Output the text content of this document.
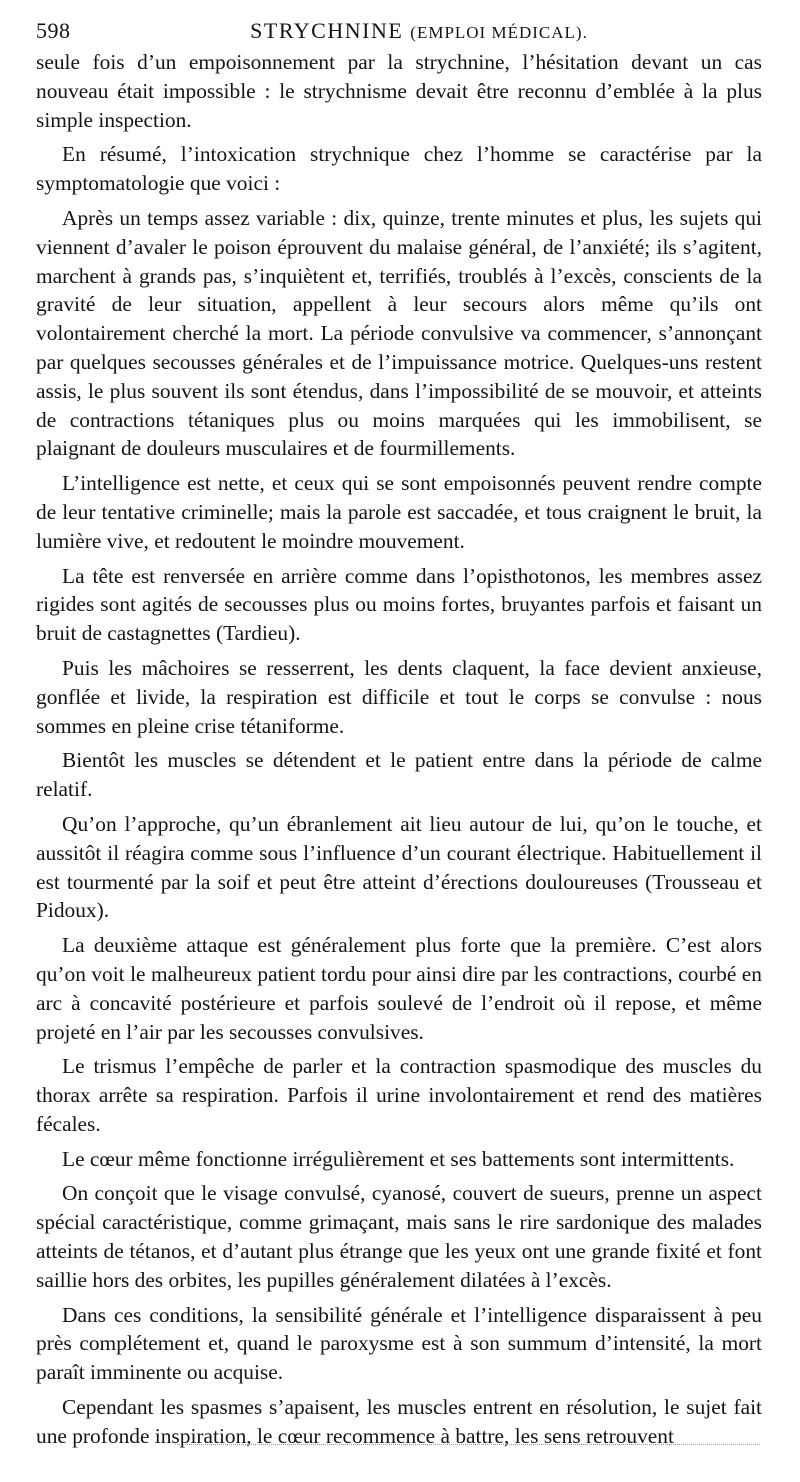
598	STRYCHNINE (EMPLOI MÉDICAL).

seule fois d’un empoisonnement par la strychnine, l’hésitation devant un cas nouveau était impossible : le strychnisme devait être reconnu d’emblée à la plus simple inspection.

En résumé, l’intoxication strychnique chez l’homme se caractérise par la symptomatologie que voici :

Après un temps assez variable : dix, quinze, trente minutes et plus, les sujets qui viennent d’avaler le poison éprouvent du malaise général, de l’anxiété; ils s’agitent, marchent à grands pas, s’inquiètent et, terrifiés, troublés à l’excès, conscients de la gravité de leur situation, appellent à leur secours alors même qu’ils ont volontairement cherché la mort. La période convulsive va commencer, s’annonçant par quelques secousses générales et de l’impuissance motrice. Quelques-uns restent assis, le plus souvent ils sont étendus, dans l’impossibilité de se mouvoir, et atteints de contractions tétaniques plus ou moins marquées qui les immobilisent, se plaignant de douleurs musculaires et de fourmillements.

L’intelligence est nette, et ceux qui se sont empoisonnés peuvent rendre compte de leur tentative criminelle; mais la parole est saccadée, et tous craignent le bruit, la lumière vive, et redoutent le moindre mouvement.

La tête est renversée en arrière comme dans l’opisthotonos, les membres assez rigides sont agités de secousses plus ou moins fortes, bruyantes parfois et faisant un bruit de castagnettes (Tardieu).

Puis les mâchoires se resserrent, les dents claquent, la face devient anxieuse, gonflée et livide, la respiration est difficile et tout le corps se convulse : nous sommes en pleine crise tétaniforme.

Bientôt les muscles se détendent et le patient entre dans la période de calme relatif.

Qu’on l’approche, qu’un ébranlement ait lieu autour de lui, qu’on le touche, et aussitôt il réagira comme sous l’influence d’un courant électrique. Habituellement il est tourmenté par la soif et peut être atteint d’érections douloureuses (Trousseau et Pidoux).

La deuxième attaque est généralement plus forte que la première. C’est alors qu’on voit le malheureux patient tordu pour ainsi dire par les contractions, courbé en arc à concavité postérieure et parfois soulevé de l’endroit où il repose, et même projeté en l’air par les secousses convulsives.

Le trismus l’empêche de parler et la contraction spasmodique des muscles du thorax arrête sa respiration. Parfois il urine involontairement et rend des matières fécales.

Le cœur même fonctionne irrégulièrement et ses battements sont intermittents.

On conçoit que le visage convulsé, cyanosé, couvert de sueurs, prenne un aspect spécial caractéristique, comme grimaçant, mais sans le rire sardonique des malades atteints de tétanos, et d’autant plus étrange que les yeux ont une grande fixité et font saillie hors des orbites, les pupilles généralement dilatées à l’excès.

Dans ces conditions, la sensibilité générale et l’intelligence disparaissent à peu près complétement et, quand le paroxysme est à son summum d’intensité, la mort paraît imminente ou acquise.

Cependant les spasmes s’apaisent, les muscles entrent en résolution, le sujet fait une profonde inspiration, le cœur recommence à battre, les sens retrouvent
